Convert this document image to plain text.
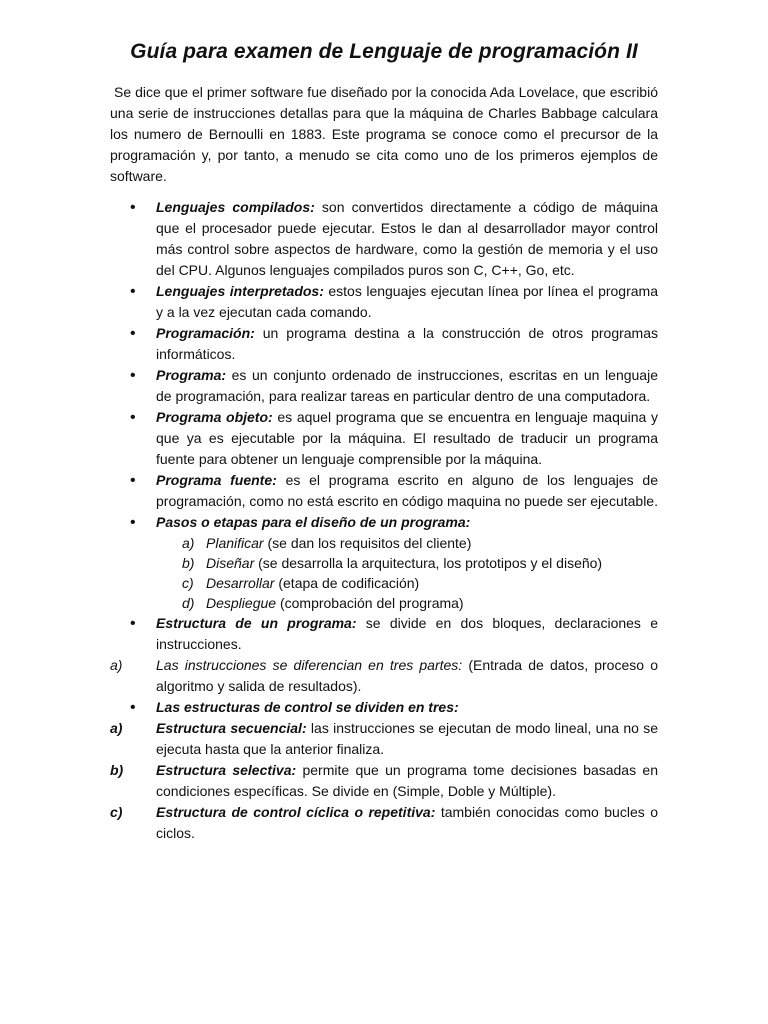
Guía para examen de Lenguaje de programación II

Se dice que el primer software fue diseñado por la conocida Ada Lovelace, que escribió una serie de instrucciones detallas para que la máquina de Charles Babbage calculara los numero de Bernoulli en 1883. Este programa se conoce como el precursor de la programación y, por tanto, a menudo se cita como uno de los primeros ejemplos de software.

•	Lenguajes compilados: son convertidos directamente a código de máquina que el procesador puede ejecutar. Estos le dan al desarrollador mayor control más control sobre aspectos de hardware, como la gestión de memoria y el uso del CPU. Algunos lenguajes compilados puros son C, C++, Go, etc.
•	Lenguajes interpretados: estos lenguajes ejecutan línea por línea el programa y a la vez ejecutan cada comando.
•	Programación: un programa destina a la construcción de otros programas informáticos.
•	Programa: es un conjunto ordenado de instrucciones, escritas en un lenguaje de programación, para realizar tareas en particular dentro de una computadora.
•	Programa objeto: es aquel programa que se encuentra en lenguaje maquina y que ya es ejecutable por la máquina. El resultado de traducir un programa fuente para obtener un lenguaje comprensible por la máquina.
•	Programa fuente: es el programa escrito en alguno de los lenguajes de programación, como no está escrito en código maquina no puede ser ejecutable.
•	Pasos o etapas para el diseño de un programa:
a) Planificar (se dan los requisitos del cliente)
b) Diseñar (se desarrolla la arquitectura, los prototipos y el diseño)
c) Desarrollar (etapa de codificación)
d) Despliegue (comprobación del programa)
•	Estructura de un programa: se divide en dos bloques, declaraciones e instrucciones.
a)	Las instrucciones se diferencian en tres partes: (Entrada de datos, proceso o algoritmo y salida de resultados).
•	Las estructuras de control se dividen en tres:
a)	Estructura secuencial: las instrucciones se ejecutan de modo lineal, una no se ejecuta hasta que la anterior finaliza.
b)	Estructura selectiva: permite que un programa tome decisiones basadas en condiciones específicas. Se divide en (Simple, Doble y Múltiple).
c)	Estructura de control cíclica o repetitiva: también conocidas como bucles o ciclos.
